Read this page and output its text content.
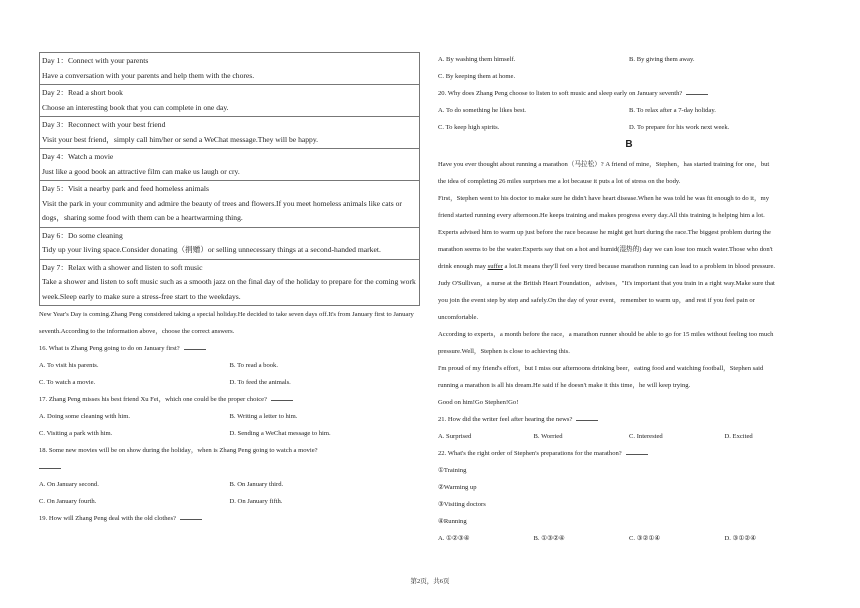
Day 1：Connect with your parents
Have a conversation with your parents and help them with the chores.

Day 2：Read a short book
Choose an interesting book that you can complete in one day.

Day 3：Reconnect with your best friend
Visit your best friend，simply call him/her or send a WeChat message.They will be happy.

Day 4：Watch a movie
Just like a good book an attractive film can make us laugh or cry.

Day 5：Visit a nearby park and feed homeless animals
Visit the park in your community and admire the beauty of trees and flowers.If you meet homeless animals like cats or dogs，sharing some food with them can be a heartwarming thing.

Day 6：Do some cleaning
Tidy up your living space.Consider donating（捐赠）or selling unnecessary things at a second-handed market.

Day 7：Relax with a shower and listen to soft music
Take a shower and listen to soft music such as a smooth jazz on the final day of the holiday to prepare for the coming work week.Sleep early to make sure a stress-free start to the weekdays.
New Year's Day is coming.Zhang Peng considered taking a special holiday.He decided to take seven days off.It's from January first to January seventh.According to the information above，choose the correct answers.
16. What is Zhang Peng going to do on January first?
A. To visit his parents.	B. To read a book.
C. To watch a movie.	D. To feed the animals.
17. Zhang Peng misses his best friend Xu Fei，which one could be the proper choice?
A. Doing some cleaning with him.	B. Writing a letter to him.
C. Visiting a park with him.	D. Sending a WeChat message to him.
18. Some new movies will be on show during the holiday，when is Zhang Peng going to watch a movie?
A. On January second.	B. On January third.
C. On January fourth.	D. On January fifth.
19. How will Zhang Peng deal with the old clothes?
A. By washing them himself.	B. By giving them away.
C. By keeping them at home.
20. Why does Zhang Peng choose to listen to soft music and sleep early on January seventh?
A. To do something he likes best.	B. To relax after a 7-day holiday.
C. To keep high spirits.	D. To prepare for his work next week.
B
Have you ever thought about running a marathon（马拉松）? A friend of mine，Stephen，has started training for one，but
the idea of completing 26 miles surprises me a lot because it puts a lot of stress on the body.
First，Stephen went to his doctor to make sure he didn't have heart disease.When he was told he was fit enough to do it，my
friend started running every afternoon.He keeps training and makes progress every day.All this training is helping him a lot.
Experts advised him to warm up just before the race because he might get hurt during the race.The biggest problem during the
marathon seems to be the water.Experts say that on a hot and humid(湿热的) day we can lose too much water.Those who don't
drink enough may suffer a lot.It means they'll feel very tired because marathon running can lead to a problem in blood pressure.
Judy O'Sullivan，a nurse at the British Heart Foundation，advises，"It's important that you train in a right way.Make sure that
you join the event step by step and safely.On the day of your event，remember to warm up，and rest if you feel pain or
uncomfortable.
According to experts，a month before the race，a marathon runner should be able to go for 15 miles without feeling too much
pressure.Well，Stephen is close to achieving this.
I'm proud of my friend's effort，but I miss our afternoons drinking beer，eating food and watching football，Stephen said
running a marathon is all his dream.He said if he doesn't make it this time，he will keep trying.
Good on him!Go Stephen!Go!
21. How did the writer feel after hearing the news?
A. Surprised	B. Worried	C. Interested	D. Excited
22. What's the right order of Stephen's preparations for the marathon?
①Training
②Warming up
③Visiting doctors
④Running
A. ①②③④	B. ①③②④	C. ③②①④	D. ③①②④
第2页，共6页
